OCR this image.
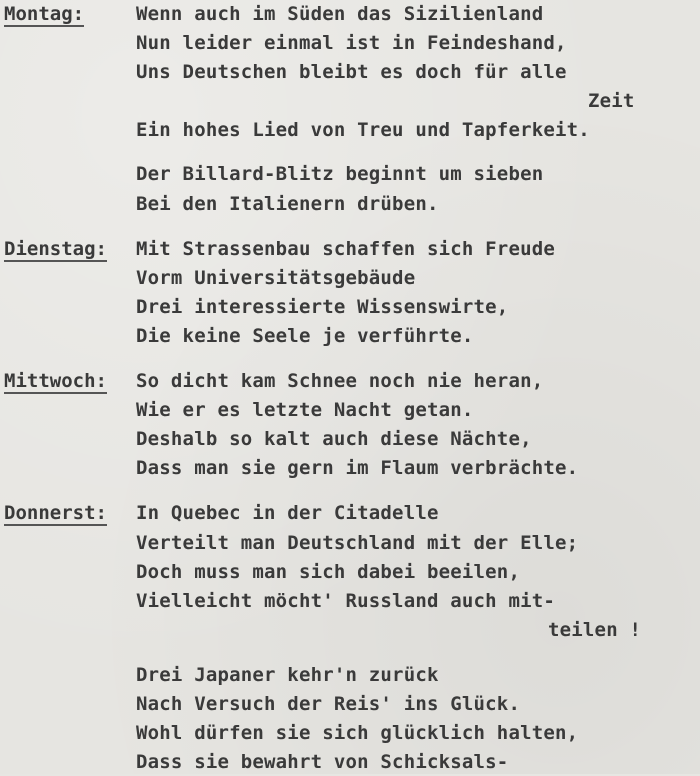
Montag:	Wenn auch im Süden das Sizilienland
Nun leider einmal ist in Feindeshand,
Uns Deutschen bleibt es doch für alle
Zeit
Ein hohes Lied von Treu und Tapferkeit.
Der Billard-Blitz beginnt um sieben
Bei den Italienern drüben.
Dienstag: Mit Strassenbau schaffen sich Freude
Vorm Universitätsgebäude
Drei interessierte Wissenswirte,
Die keine Seele je verführte.
Mittwoch: So dicht kam Schnee noch nie heran,
Wie er es letzte Nacht getan.
Deshalb so kalt auch diese Nächte,
Dass man sie gern im Flaum verbrächte.
Donnerst: In Quebec in der Citadelle
Verteilt man Deutschland mit der Elle;
Doch muss man sich dabei beeilen,
Vielleicht möcht' Russland auch mit-
teilen !
Drei Japaner kehr'n zurück
Nach Versuch der Reis' ins Glück.
Wohl dürfen sie sich glücklich halten,
Dass sie bewahrt von Schicksals-
